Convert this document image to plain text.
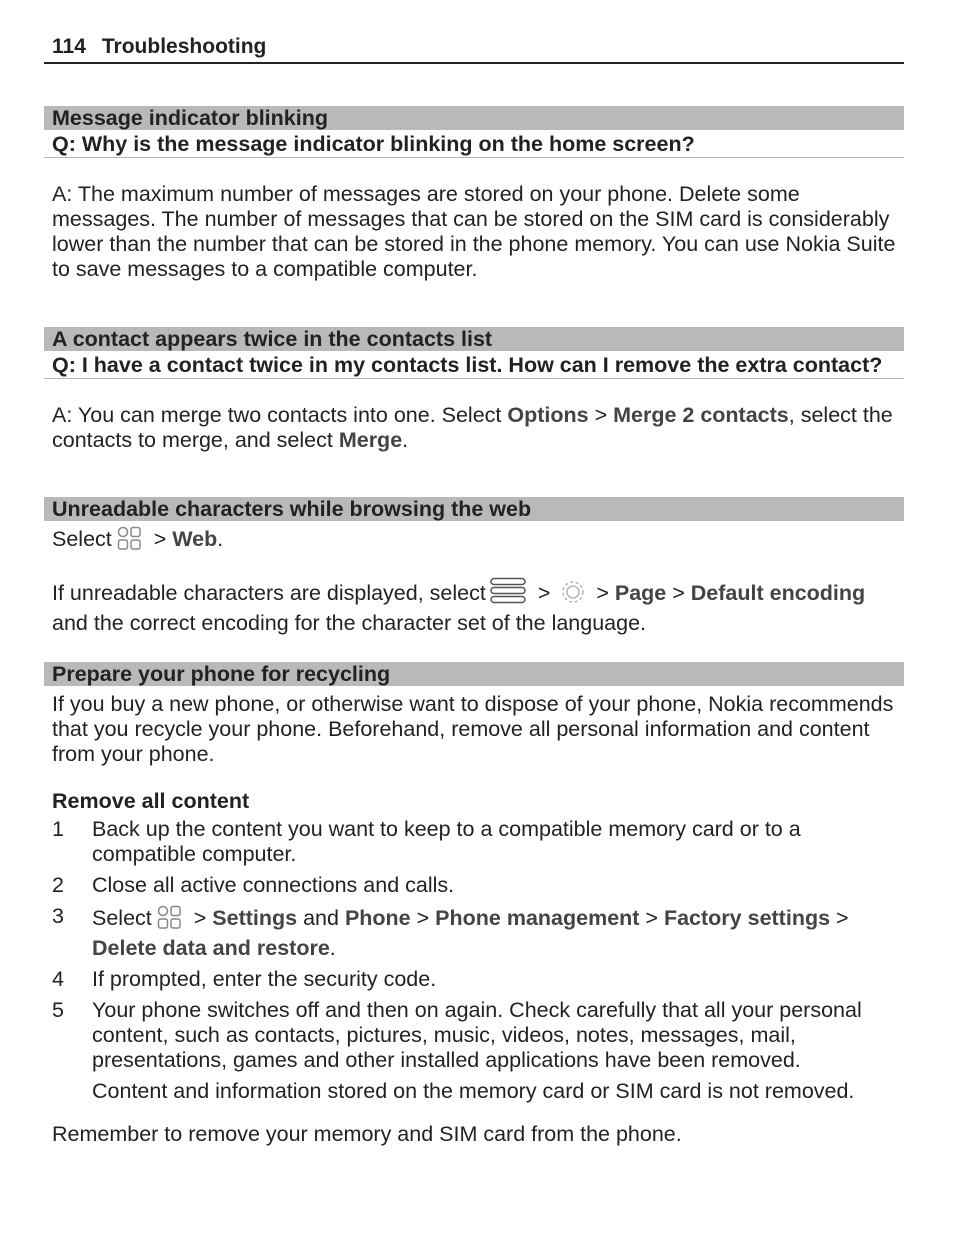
114 Troubleshooting
Message indicator blinking
Q: Why is the message indicator blinking on the home screen?
A: The maximum number of messages are stored on your phone. Delete some messages. The number of messages that can be stored on the SIM card is considerably lower than the number that can be stored in the phone memory. You can use Nokia Suite to save messages to a compatible computer.
A contact appears twice in the contacts list
Q: I have a contact twice in my contacts list. How can I remove the extra contact?
A: You can merge two contacts into one. Select Options > Merge 2 contacts, select the contacts to merge, and select Merge.
Unreadable characters while browsing the web
Select > Web.
If unreadable characters are displayed, select >  > Page > Default encoding and the correct encoding for the character set of the language.
Prepare your phone for recycling
If you buy a new phone, or otherwise want to dispose of your phone, Nokia recommends that you recycle your phone. Beforehand, remove all personal information and content from your phone.
Remove all content
1	Back up the content you want to keep to a compatible memory card or to a compatible computer.
2	Close all active connections and calls.
3	Select > Settings and Phone > Phone management > Factory settings > Delete data and restore.
4	If prompted, enter the security code.
5	Your phone switches off and then on again. Check carefully that all your personal content, such as contacts, pictures, music, videos, notes, messages, mail, presentations, games and other installed applications have been removed.
Content and information stored on the memory card or SIM card is not removed.
Remember to remove your memory and SIM card from the phone.
